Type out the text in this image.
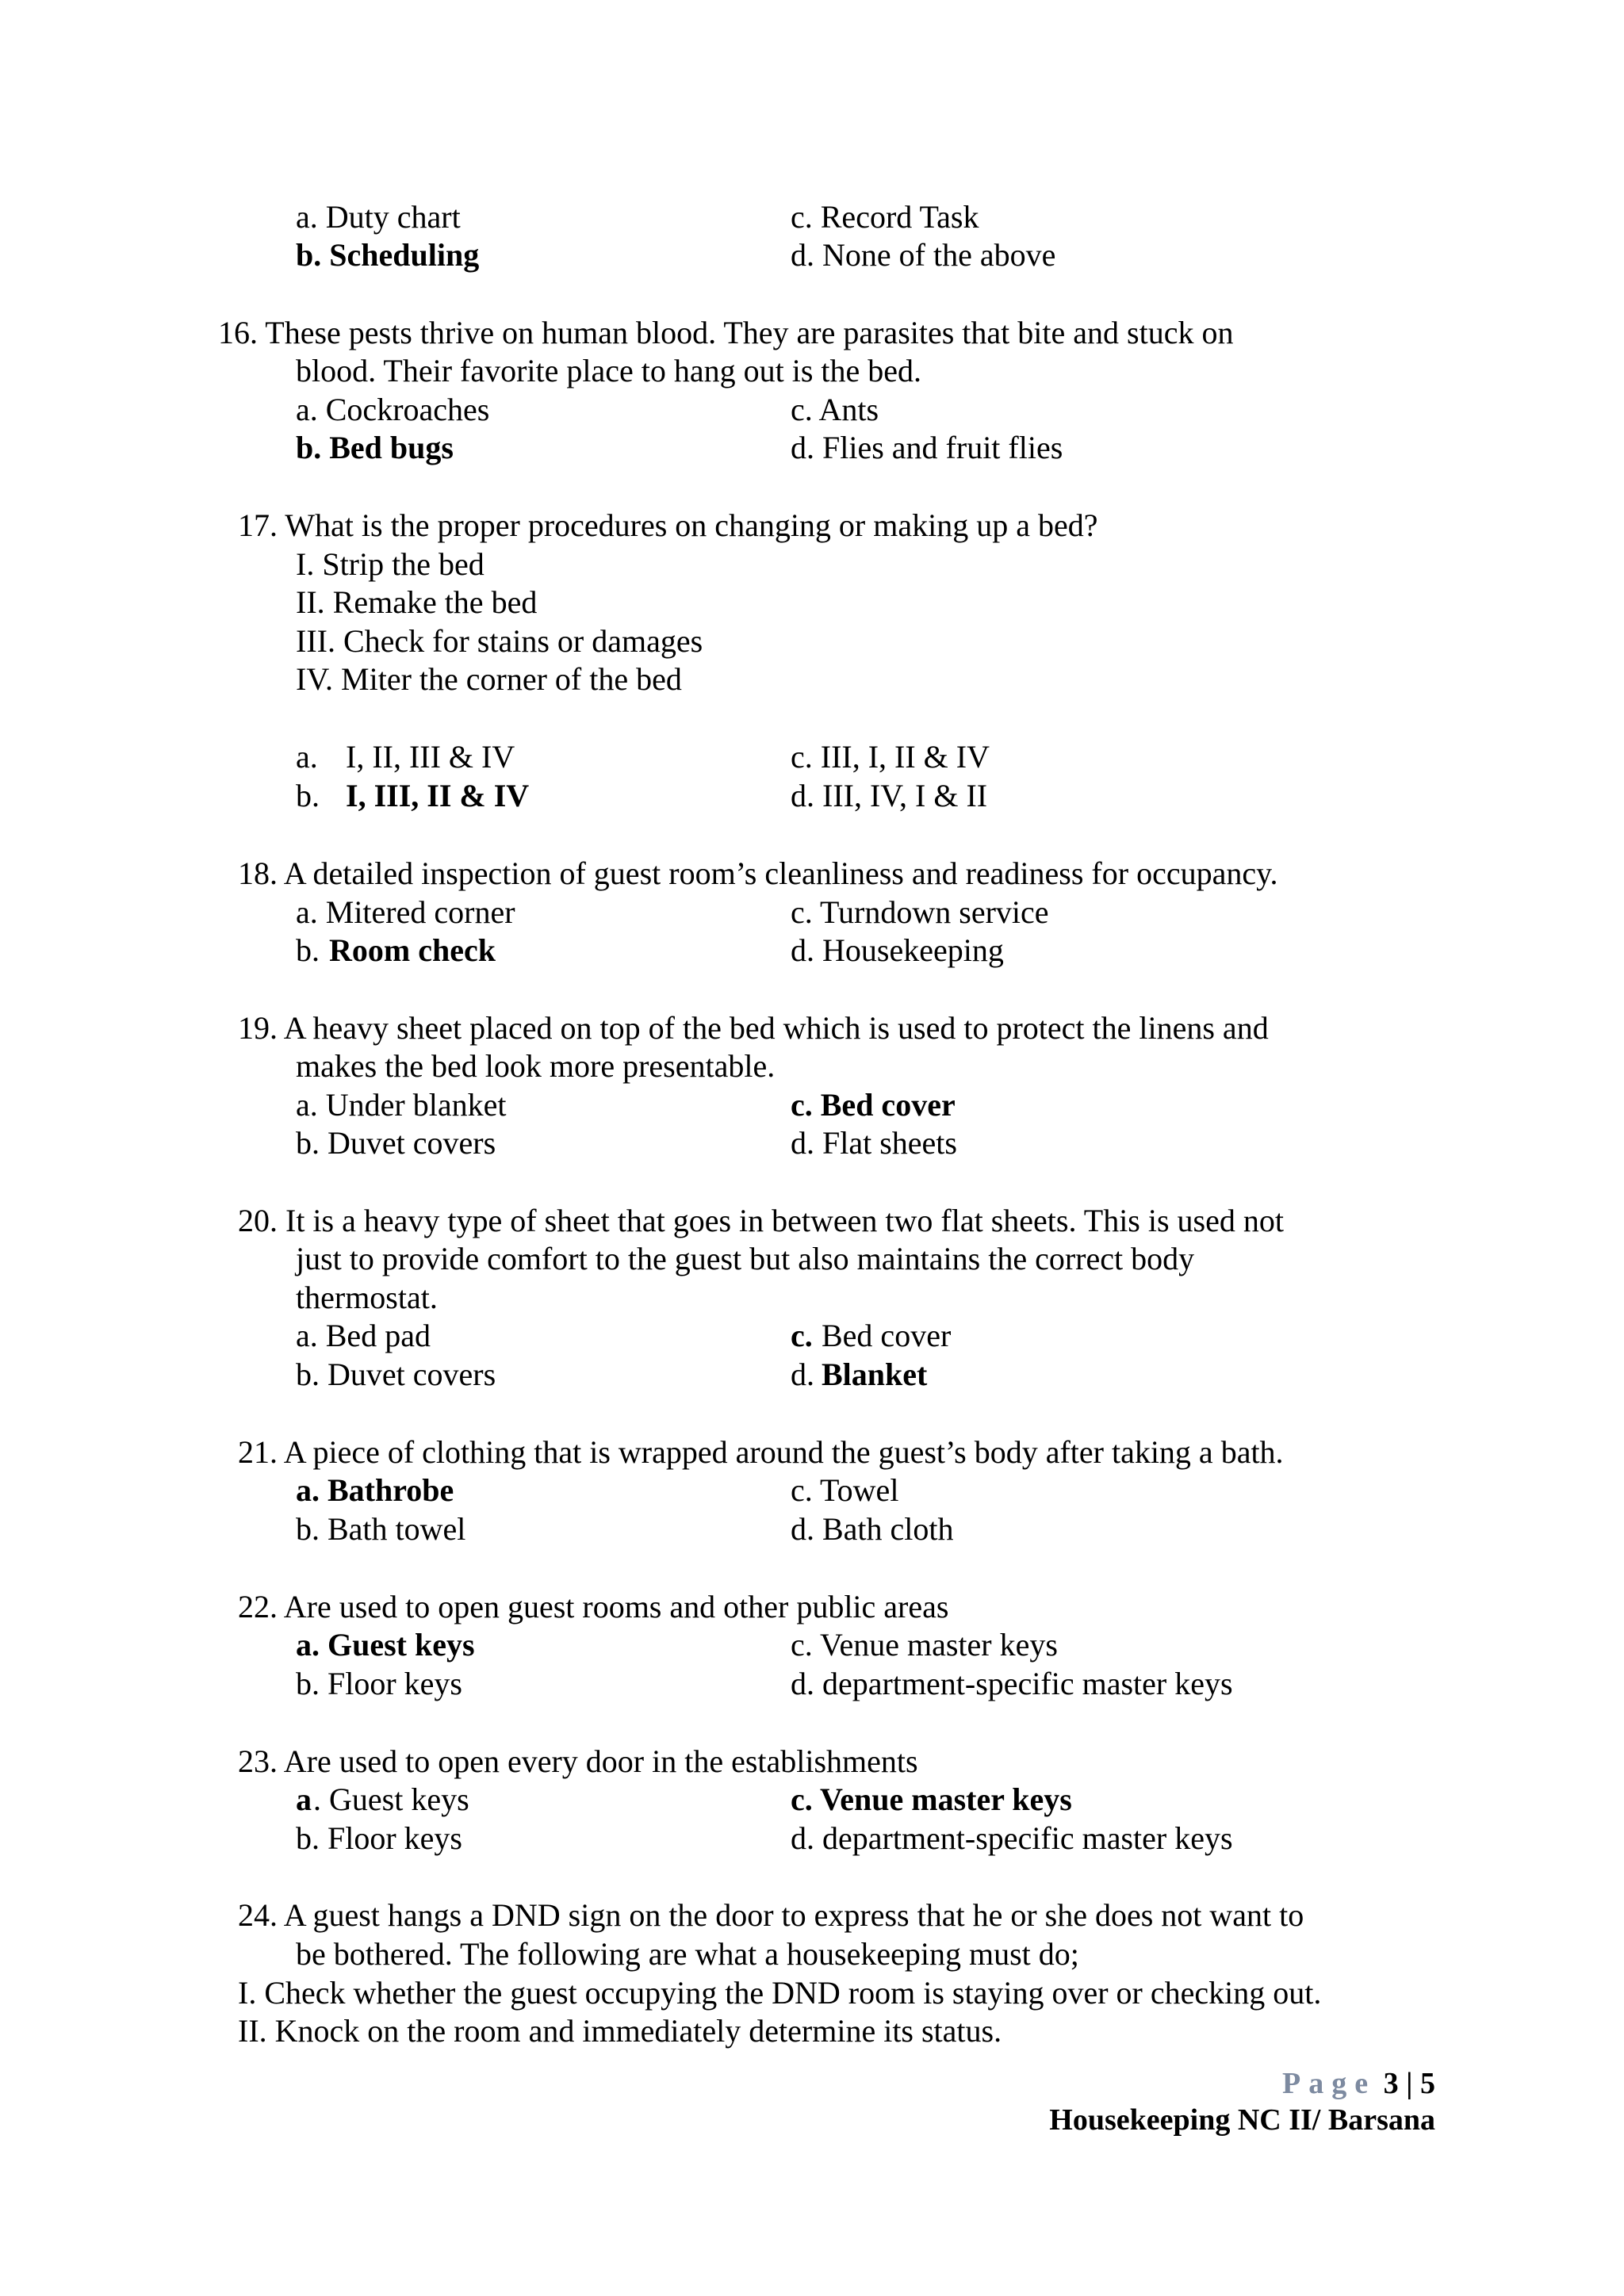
a. Duty chart	c. Record Task
b. Scheduling	d. None of the above
16. These pests thrive on human blood. They are parasites that bite and stuck on
blood. Their favorite place to hang out is the bed.
a. Cockroaches	c. Ants
b. Bed bugs	d. Flies and fruit flies
17. What is the proper procedures on changing or making up a bed?
I. Strip the bed
II. Remake the bed
III. Check for stains or damages
IV. Miter the corner of the bed
a. I, II, III & IV	c. III, I, II & IV
b. I, III, II & IV	d. III, IV, I & II
18. A detailed inspection of guest room’s cleanliness and readiness for occupancy.
a. Mitered corner	c. Turndown service
b. Room check	d. Housekeeping
19. A heavy sheet placed on top of the bed which is used to protect the linens and
makes the bed look more presentable.
a. Under blanket	c. Bed cover
b. Duvet covers	d. Flat sheets
20. It is a heavy type of sheet that goes in between two flat sheets. This is used not
just to provide comfort to the guest but also maintains the correct body
thermostat.
a. Bed pad	c. Bed cover
b. Duvet covers	d. Blanket
21. A piece of clothing that is wrapped around the guest’s body after taking a bath.
a. Bathrobe	c. Towel
b. Bath towel	d. Bath cloth
22. Are used to open guest rooms and other public areas
a. Guest keys	c. Venue master keys
b. Floor keys	d. department-specific master keys
23. Are used to open every door in the establishments
a . Guest keys	c. Venue master keys
b. Floor keys	d. department-specific master keys
24. A guest hangs a DND sign on the door to express that he or she does not want to
be bothered. The following are what a housekeeping must do;
I. Check whether the guest occupying the DND room is staying over or checking out.
II. Knock on the room and immediately determine its status.
Page 3 | 5
Housekeeping NC II/ Barsana
